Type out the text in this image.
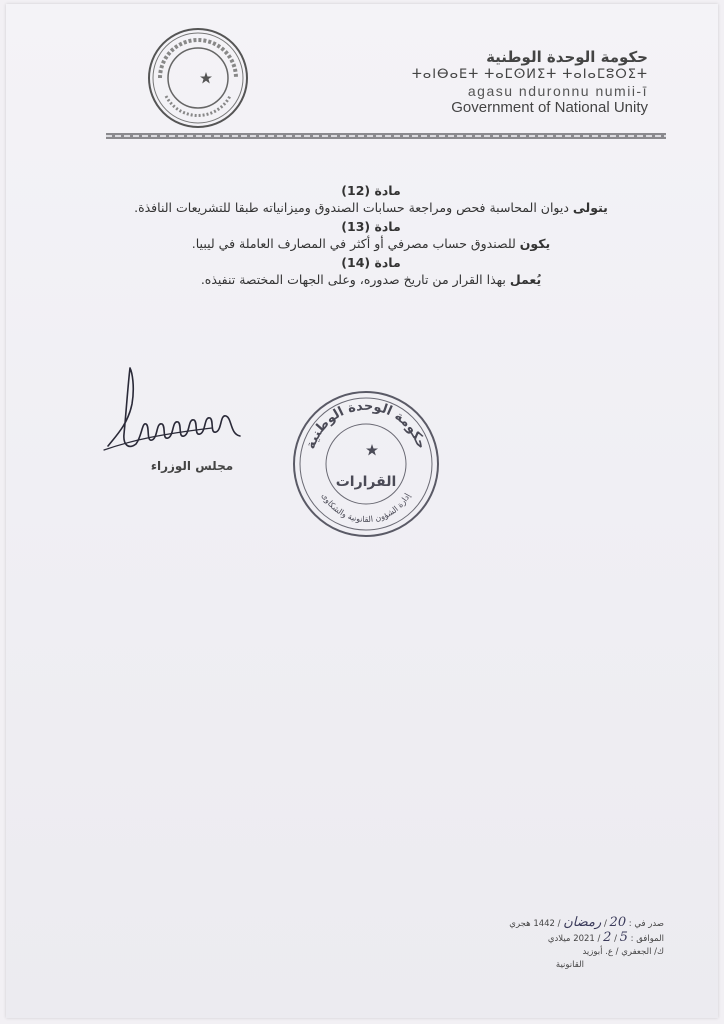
حكومة الوحدة الوطنية

ⵜⴰⵏⴱⴰⴹⵜ ⵜⴰⵎⵙⵍⵉⵜ ⵜⴰⵏⴰⵎⵓⵔⵉⵜ

agasu nduronnu numii-ī

Government of National Unity

مادة (12)

يتولى ديوان المحاسبة فحص ومراجعة حسابات الصندوق وميزانياته طبقا للتشريعات النافذة.

مادة (13)

يكون للصندوق حساب مصرفي أو أكثر في المصارف العاملة في ليبيا.

مادة (14)

يُعمل بهذا القرار من تاريخ صدوره، وعلى الجهات المختصة تنفيذه.

مجلس الوزراء
حكومة الوحدة الوطنية
إدارة الشؤون القانونية والشكاوى
القرارات

صدر في : 20 / رمضان / 1442 هجري

الموافق : 5 / 2 / 2021 ميلادي

ك/ الجعفري / ع. أبوزيد

القانونية
